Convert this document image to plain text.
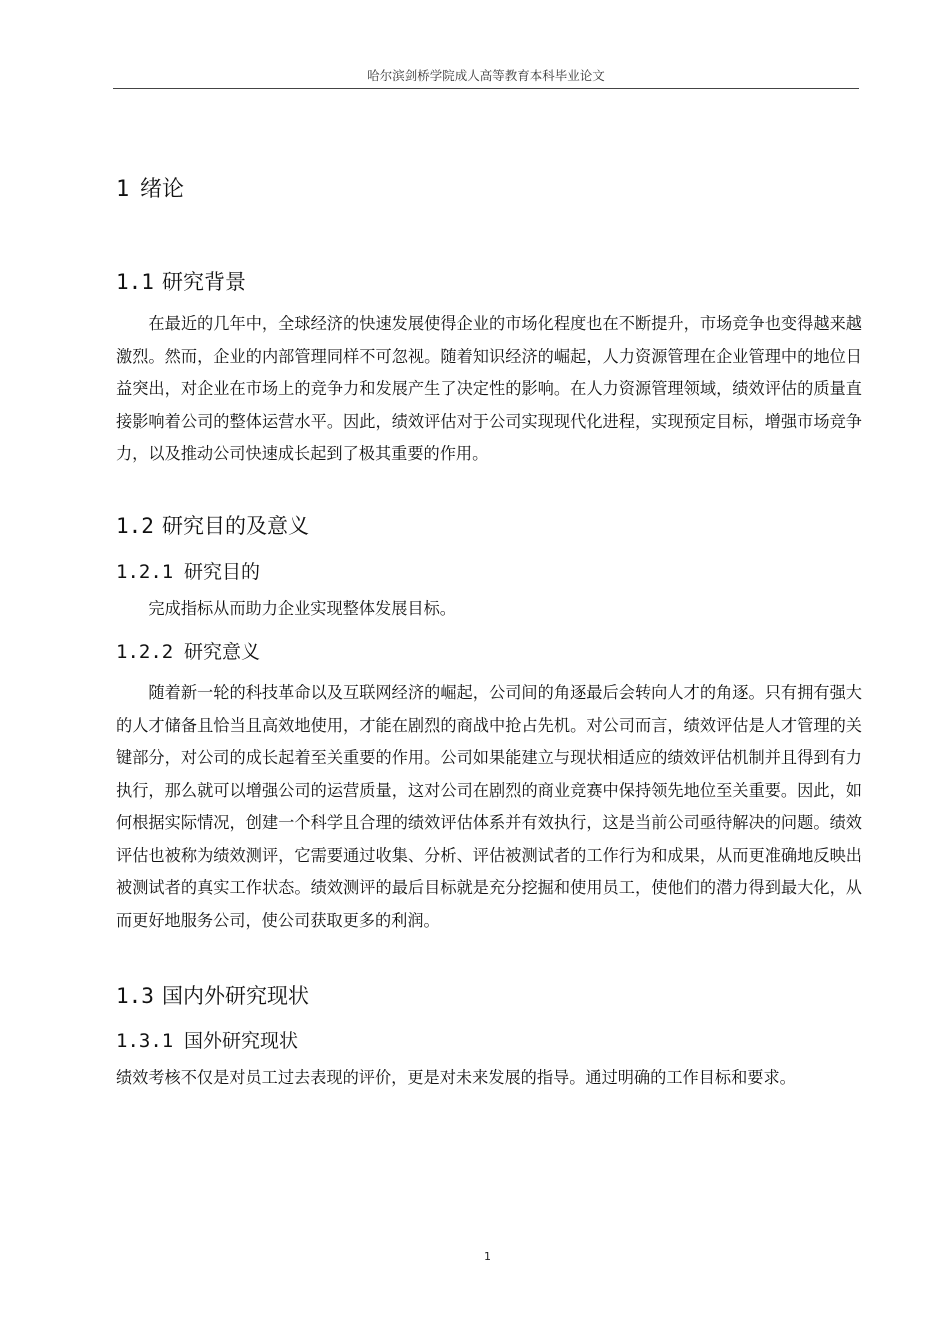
哈尔滨剑桥学院成人高等教育本科毕业论文
1 绪论
1.1 研究背景

在最近的几年中，全球经济的快速发展使得企业的市场化程度也在不断提升，市场竞争也变得越来越激烈。然而，企业的内部管理同样不可忽视。随着知识经济的崛起，人力资源管理在企业管理中的地位日益突出，对企业在市场上的竞争力和发展产生了决定性的影响。在人力资源管理领域，绩效评估的质量直接影响着公司的整体运营水平。因此，绩效评估对于公司实现现代化进程，实现预定目标，增强市场竞争力，以及推动公司快速成长起到了极其重要的作用。

1.2 研究目的及意义
1.2.1 研究目的

完成指标从而助力企业实现整体发展目标。

1.2.2 研究意义

随着新一轮的科技革命以及互联网经济的崛起，公司间的角逐最后会转向人才的角逐。只有拥有强大的人才储备且恰当且高效地使用，才能在剧烈的商战中抢占先机。对公司而言，绩效评估是人才管理的关键部分，对公司的成长起着至关重要的作用。公司如果能建立与现状相适应的绩效评估机制并且得到有力执行，那么就可以增强公司的运营质量，这对公司在剧烈的商业竞赛中保持领先地位至关重要。因此，如何根据实际情况，创建一个科学且合理的绩效评估体系并有效执行，这是当前公司亟待解决的问题。绩效评估也被称为绩效测评，它需要通过收集、分析、评估被测试者的工作行为和成果，从而更准确地反映出被测试者的真实工作状态。绩效测评的最后目标就是充分挖掘和使用员工，使他们的潜力得到最大化，从而更好地服务公司，使公司获取更多的利润。

1.3 国内外研究现状
1.3.1 国外研究现状

绩效考核不仅是对员工过去表现的评价，更是对未来发展的指导。通过明确的工作目标和要求。

1
